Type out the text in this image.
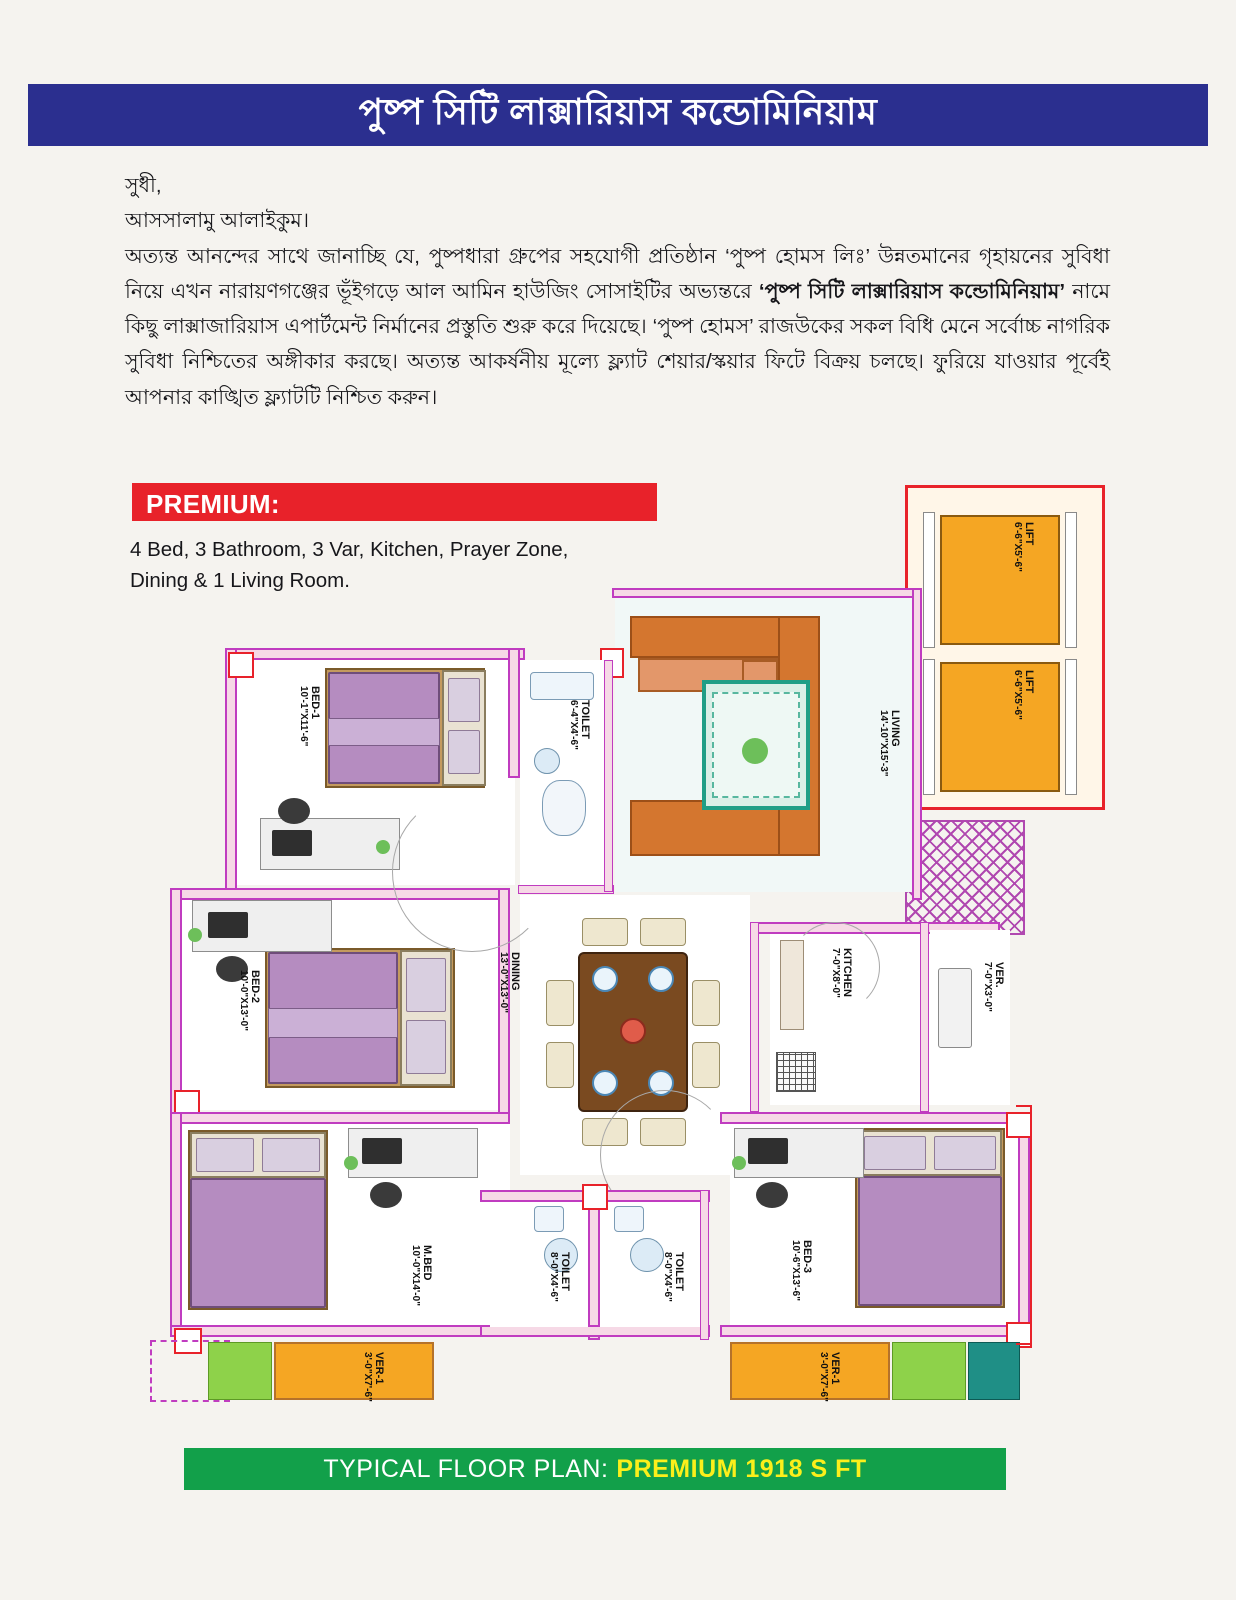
পুষ্প সিটি লাক্সারিয়াস কন্ডোমিনিয়াম
সুধী,
আসসালামু আলাইকুম।
অত্যন্ত আনন্দের সাথে জানাচ্ছি যে, পুষ্পধারা গ্রুপের সহযোগী প্রতিষ্ঠান ‘পুষ্প হোমস লিঃ’ উন্নতমানের গৃহায়নের সুবিধা নিয়ে এখন নারায়ণগঞ্জের ভূঁইগড়ে আল আমিন হাউজিং সোসাইটির অভ্যন্তরে ‘পুষ্প সিটি লাক্সারিয়াস কন্ডোমিনিয়াম’ নামে কিছু লাক্সাজারিয়াস এপার্টমেন্ট নির্মানের প্রস্তুতি শুরু করে দিয়েছে। ‘পুষ্প হোমস’ রাজউকের সকল বিধি মেনে সর্বোচ্চ নাগরিক সুবিধা নিশ্চিতের অঙ্গীকার করছে। অত্যন্ত আকর্ষনীয় মূল্যে ফ্ল্যাট শেয়ার/স্কয়ার ফিটে বিক্রয় চলছে। ফুরিয়ে যাওয়ার পূর্বেই আপনার কাঙ্খিত ফ্ল্যাটটি নিশ্চিত করুন।
PREMIUM:
4 Bed, 3 Bathroom, 3 Var, Kitchen, Prayer Zone,
Dining & 1 Living Room.
LIFT
6'-6"X5'-6"
LIFT
6'-6"X5'-6"
LIVING
14'-10"X15'-3"
BED-1
10'-1"X11'-6"	TOILET
6'-4"X4'-6"
BED-2
10'-0"X13'-0"	DINING
13'-0"X13'-0"	KITCHEN
7'-0"X8'-0"	VER.
7'-0"X3'-0"
M.BED
10'-0"X14'-0"	TOILET
8'-0"X4'-6"	TOILET
8'-0"X4'-6"	BED-3
10'-6"X13'-6"
VER-1
3'-0"X7'-6"	VER-1
3'-0"X7'-6"
TYPICAL FLOOR PLAN: PREMIUM 1918 S FT
